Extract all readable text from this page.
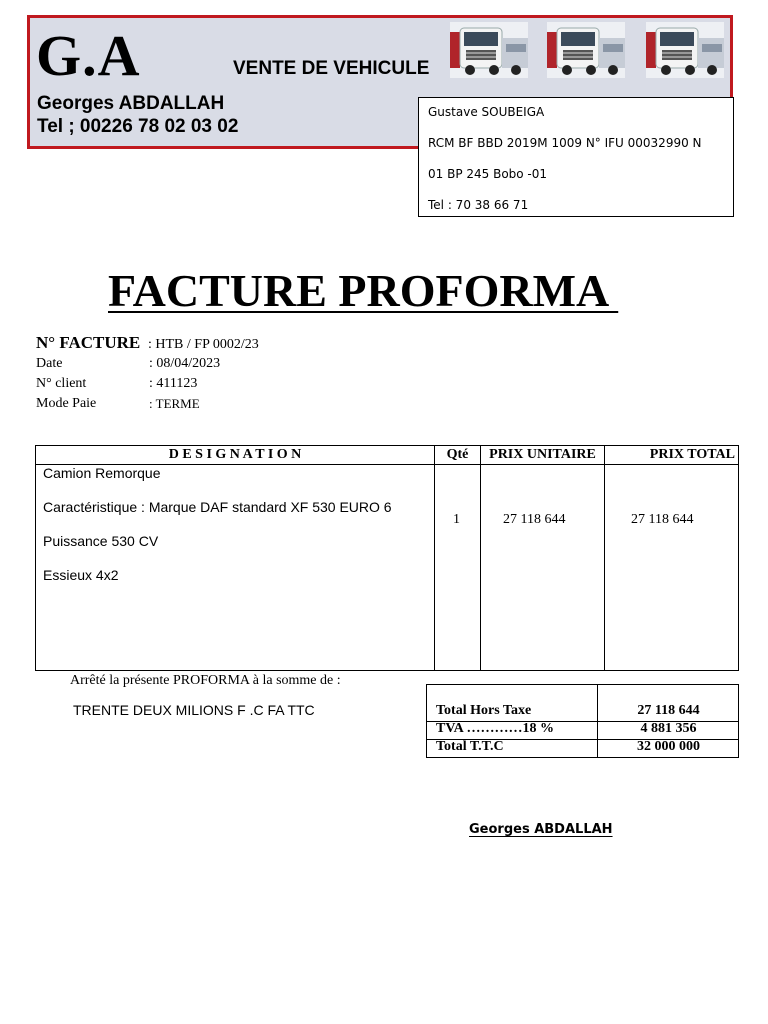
G.A	VENTE DE VEHICULE
Georges ABDALLAH
Tel ; 00226 78 02 03 02
Gustave SOUBEIGA
RCM BF BBD 2019M 1009 N° IFU 00032990 N
01 BP 245 Bobo -01
Tel : 70 38 66 71
FACTURE PROFORMA
N° FACTURE : HTB / FP 0002/23
Date	: 08/04/2023
N° client	: 411123
Mode Paie	: TERME
D E S I G N A T I O N	Qté	PRIX UNITAIRE	PRIX TOTAL
Camion Remorque
Caractéristique : Marque DAF standard XF 530 EURO 6
Puissance 530 CV
Essieux 4x2
1	27 118 644	27 118 644
Arrêté la présente PROFORMA à la somme de :
TRENTE DEUX MILIONS F .C FA TTC	Total Hors Taxe	27 118 644
TVA …………18 %	4 881 356
Total T.T.C	32 000 000
Georges ABDALLAH
